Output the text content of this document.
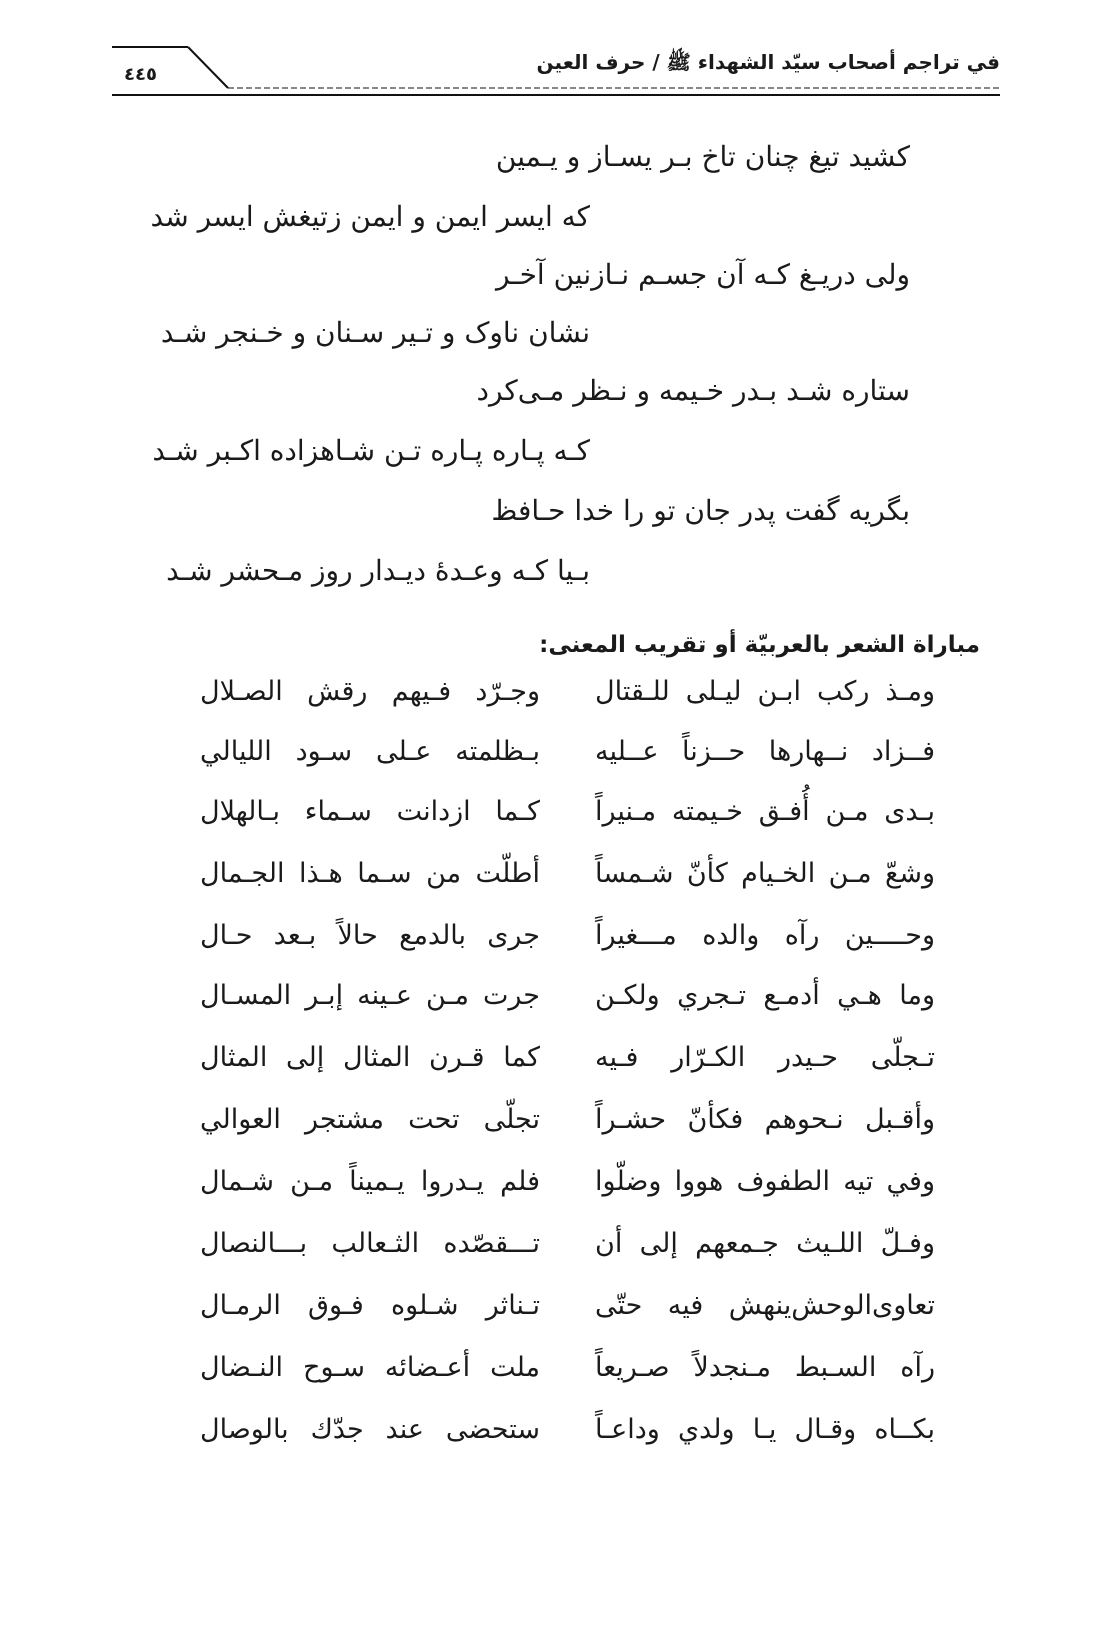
في تراجم أصحاب سيّد الشهداء ﷺ / حرف العين
٤٤٥
كشيد تيغ چنان تاخ بـر يسـاز و يـمين
كه ايسر ايمن و ايمن زتيغش ايسر شد
ولى دريـغ كـه آن جسـم نـازنين آخـر
نشان ناوک و تـير سـنان و خـنجر شـد
ستاره شـد بـدر خـيمه و نـظر مـى‌كرد
كـه پـاره پـاره تـن شـاهزاده اكـبر شـد
بگريه گفت پدر جان تو را خدا حـافظ
بـيا كـه وعـدهٔ ديـدار روز مـحشر شـد
مباراة الشعر بالعربيّة أو تقريب المعنى:
ومـذ ركب ابـن ليـلى للـقتال
وجـرّد فـيهم رقش الصـلال
فــزاد نــهارها حــزناً عــليه
بـظلمته عـلى سـود الليالي
بـدى مـن أُفـق خـيمته مـنيراً
كـما ازدانت سـماء بـالهلال
وشعّ مـن الخـيام كأنّ شـمساً
أطلّت من سـما هـذا الجـمال
وحــــين رآه والده مـــغيراً
جرى بالدمع حالاً بـعد حـال
وما هـي أدمـع تـجري ولكـن
جرت مـن عـينه إبـر المسـال
تـجلّى حـيدر الكـرّار فـيه
كما قـرن المثال إلى المثال
وأقـبل نـحوهم فكأنّ حشـراً
تجلّى تحت مشتجر العوالي
وفي تيه الطفوف هووا وضلّوا
فلم يـدروا يـميناً مـن شـمال
وفـلّ اللـيث جـمعهم إلى أن
تـــقصّده الثـعالب بـــالنصال
تعاوى‌الوحش‌ينهش فيه حتّى
تـناثر شـلوه فـوق الرمـال
رآه السـبط مـنجدلاً صـريعاً
ملت أعـضائه سـوح النـضال
بكــاه وقـال يـا ولدي وداعـاً
ستحضى عند جدّك بالوصال
